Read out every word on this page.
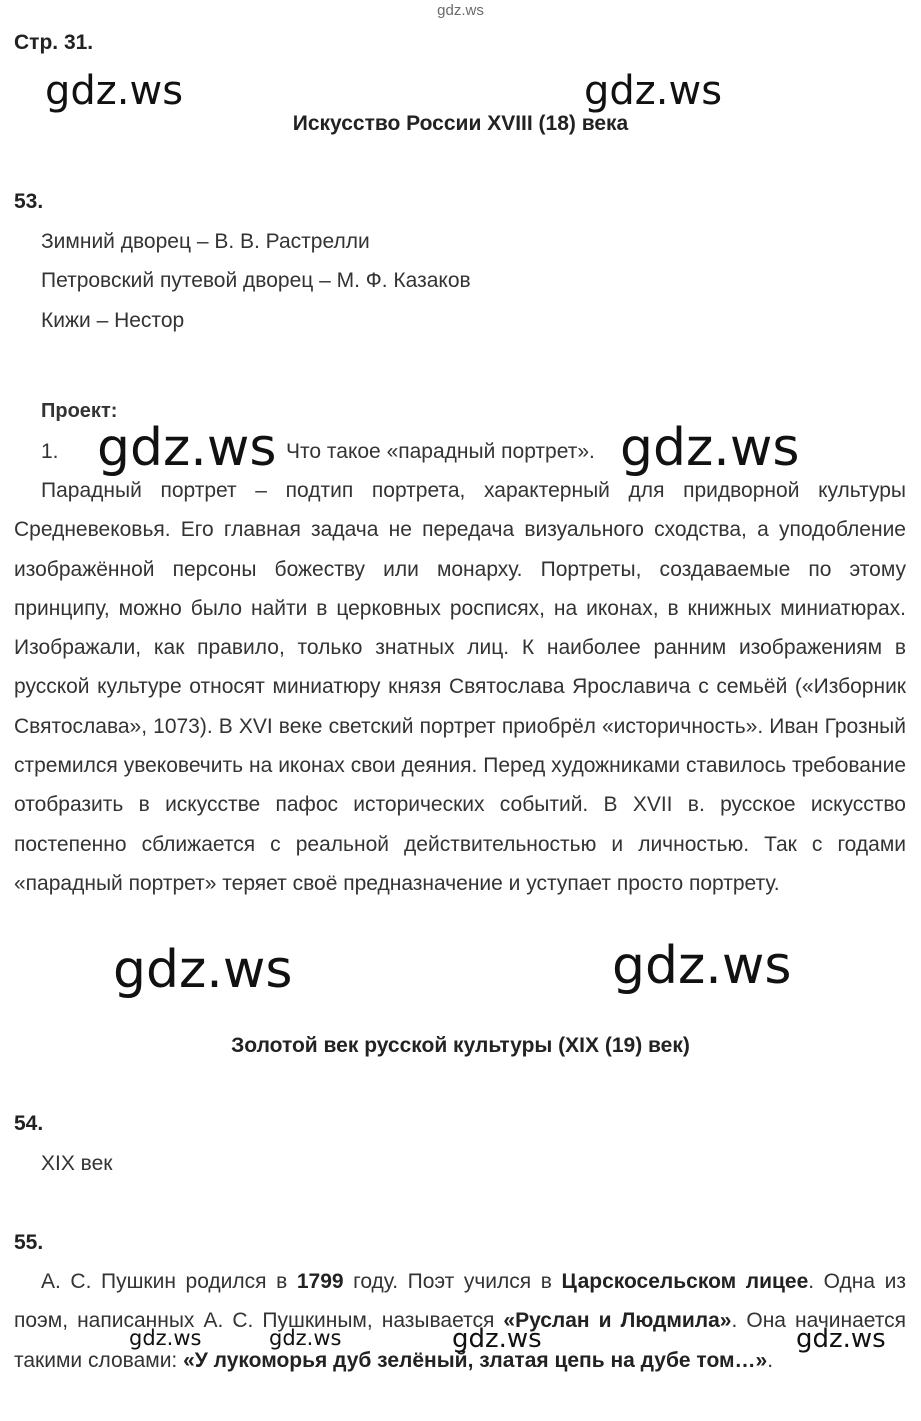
gdz.ws
Стр. 31.
gdz.ws	gdz.ws
Искусство России XVIII (18) века
53.
Зимний дворец – В. В. Растрелли
Петровский путевой дворец – М. Ф. Казаков
Кижи – Нестор
Проект:
1.	Что такое «парадный портрет».
gdz.ws	gdz.ws
Парадный портрет – подтип портрета, характерный для придворной культуры Средневековья. Его главная задача не передача визуального сходства, а уподобление изображённой персоны божеству или монарху. Портреты, создаваемые по этому принципу, можно было найти в церковных росписях, на иконах, в книжных миниатюрах. Изображали, как правило, только знатных лиц. К наиболее ранним изображениям в русской культуре относят миниатюру князя Святослава Ярославича с семьёй («Изборник Святослава», 1073). В XVI веке светский портрет приобрёл «историчность». Иван Грозный стремился увековечить на иконах свои деяния. Перед художниками ставилось требование отобразить в искусстве пафос исторических событий. В XVII в. русское искусство постепенно сближается с реальной действительностью и личностью. Так с годами «парадный портрет» теряет своё предназначение и уступает просто портрету.
gdz.ws	gdz.ws
Золотой век русской культуры (XIX (19) век)
54.
XIX век
55.
А. С. Пушкин родился в 1799 году. Поэт учился в Царскосельском лицее. Одна из поэм, написанных А. С. Пушкиным, называется «Руслан и Людмила». Она начинается такими словами: «У лукоморья дуб зелёный, златая цепь на дубе том…».
gdz.ws	gdz.ws	gdz.ws	gdz.ws
